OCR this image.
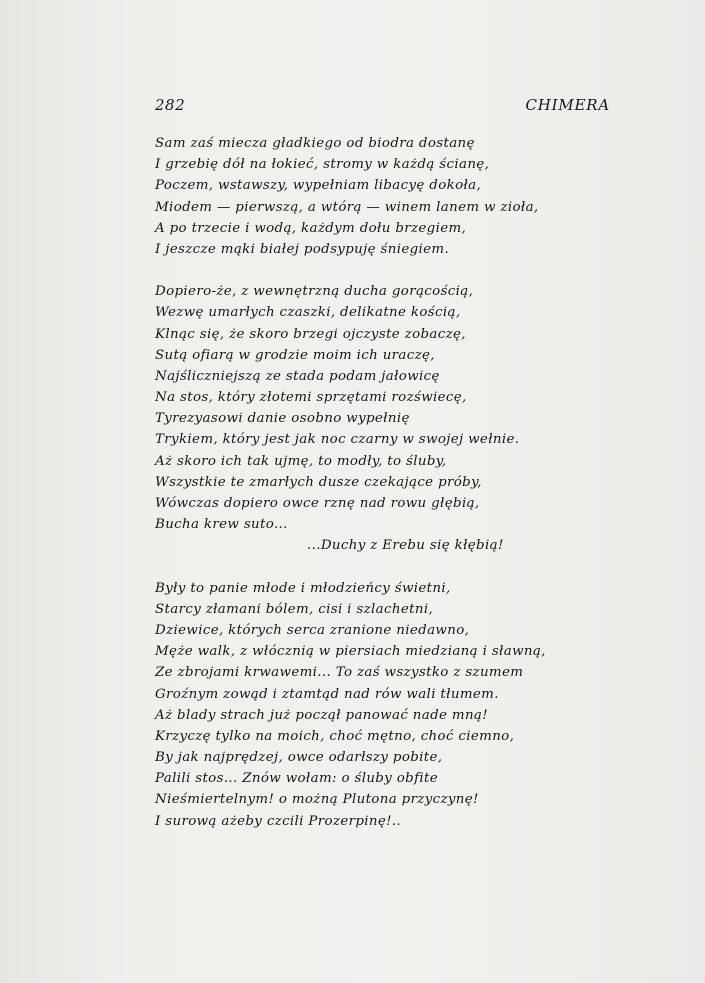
282	CHIMERA
Sam zaś miecza gładkiego od biodra dostanę
I grzebię dół na łokieć, stromy w każdą ścianę,
Poczem, wstawszy, wypełniam libacyę dokoła,
Miodem — pierwszą, a wtórą — winem lanem w zioła,
A po trzecie i wodą, każdym dołu brzegiem,
I jeszcze mąki białej podsypuję śniegiem.
Dopiero-że, z wewnętrzną ducha gorącością,
Wezwę umarłych czaszki, delikatne kością,
Klnąc się, że skoro brzegi ojczyste zobaczę,
Sutą ofiarą w grodzie moim ich uraczę,
Najśliczniejszą ze stada podam jałowicę
Na stos, który złotemi sprzętami rozświecę,
Tyrezyasowi danie osobno wypełnię
Trykiem, który jest jak noc czarny w swojej wełnie.
Aż skoro ich tak ujmę, to modły, to śluby,
Wszystkie te zmarłych dusze czekające próby,
Wówczas dopiero owce rznę nad rowu głębią,
Bucha krew suto...
...Duchy z Erebu się kłębią!
Były to panie młode i młodzieńcy świetni,
Starcy złamani bólem, cisi i szlachetni,
Dziewice, których serca zranione niedawno,
Męże walk, z włócznią w piersiach miedzianą i sławną,
Ze zbrojami krwawemi... To zaś wszystko z szumem
Groźnym zowąd i ztamtąd nad rów wali tłumem.
Aż blady strach już począł panować nade mną!
Krzyczę tylko na moich, choć mętno, choć ciemno,
By jak najprędzej, owce odarłszy pobite,
Palili stos... Znów wołam: o śluby obfite
Nieśmiertelnym! o możną Plutona przyczynę!
I surową ażeby czcili Prozerpinę!..
